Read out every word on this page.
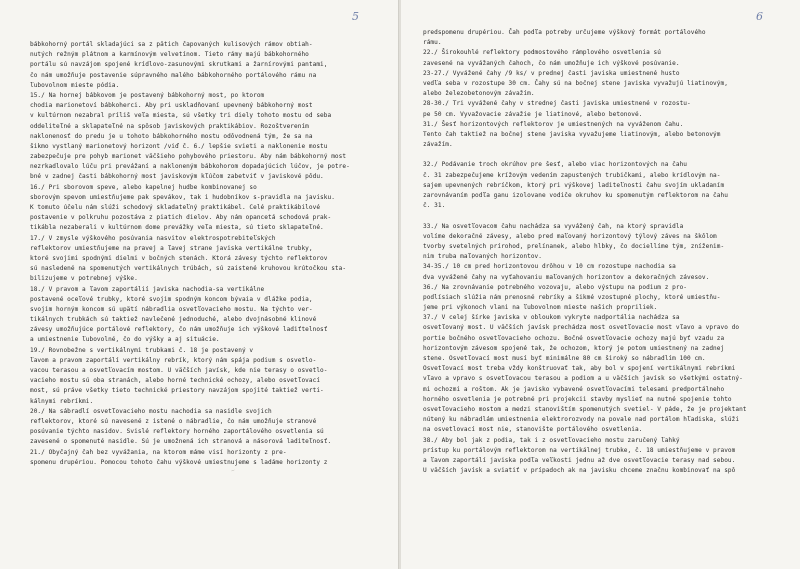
5
bábkohorný portál skladajúci sa z pätich čapovaných kulisových rámov obtiah-
nutých režným plátnom a karmínovým velvetínom. Tieto rámy majú bábkohorného
portálu sú navzájom spojené krídlovo-zasunovými skrutkami a žarnírovými pantami,
čo nám umožňuje postavenie súpravného malého bábkohorného portálového rámu na
ľubovolnom mieste pódia.
15./ Na hornej bábkovom je postavený bábkohorný most, po ktorom
chodia marionetoví bábkoherci. Aby pri uskladňovaní upevnený bábkohorný most
v kultúrnom nezabral príliš veľa miesta, sú všetky tri diely tohoto mostu od seba
oddeliteľné a sklapateľné na spôsob javiskových praktikábiov. Rozoštverením
naklonenosť do predu je u tohoto bábkohorného mostu odôvodnená tým, že sa na
šikmo vystlaný marionetový horizont /viď č. 6./ lepšie svieti a naklonenie mostu
zabezpečuje pre pohyb marionet väčšieho pohybového priestoru. Aby nám bábkohorný most
nezrkadlovalo lúču pri prevážaní a nakloneným bábkohorom dopadajúcich lúčov, je potre-
bné v zadnej časti bábkohorný most javiskovým kľúčom zabetviť v javiskové pôdu.
16./ Pri sborovom speve, alebo kapelnej hudbe kombinovanej so
sborovým spevom umiestňujeme pak spevákov, tak i hudobníkov s-pravidla na javisku.
K tomuto účelu nám slúži schodový skladateľný praktikábel. Celé praktikábilové
postavenie v polkruhu pozostáva z piatich dielov. Aby nám opancetá schodová prak-
tikábla nezaberali v kultúrnom dome prevážky veľa miesta, sú tieto sklapateľné.
17./ V zmysle výškového posúvania nasvitov elektrospotrebiteľských
reflektorov umiestňujeme na pravej a ľavej strane javiska vertikálne trubky,
ktoré svojimi spodnými dielmi v bočných stenách. Ktorá závesy týchto reflektorov
sú nasledené na spomenutých vertikálnych trúbách, sú zaistené kruhovou krútočkou sta-
bilizujeme v potrebnej výške.
18./ V pravom a ľavom zaportálií javiska nachodia-sa vertikálne
postavené oceľové trubky, ktoré svojim spodným koncom bývaia v dlážke podia,
svojim horným koncom sú upätí nábradlia osvetľovacieho mostu. Na týchto ver-
tikálnych trubkách sú taktiež navlečené jednoduché, alebo dvojnásobné klinové
závesy umožňujúce portálové reflektory, čo nám umožňuje ich výškové ladiťtelnosť
a umiestnenie ľubovolné, čo do výšky a aj situácie.
19./ Rovnobežne s vertikálnymi trubkami č. 18 je postavený v
ľavom a pravom zaportálí vertikálny rebrík, ktorý nám spája podium s osvetlo-
vacou terasou a osvetľovacím mostom. U väčších javísk, kde nie terasy o osvetlo-
vacieho mostu sú oba stranách, alebo horné technické ochozy, alebo osvetľovací
most, sú práve všetky tieto technické priestory navzájom spojité taktiež verti-
kálnymi rebríkmi.
20./ Na sábradlí osvetľovacieho mostu nachodia sa nasidle svojich
reflektorov, ktoré sú navesené z istené o nábradlie, čo nám umožňuje stranové
posúvanie týchto nasidov. Svislé reflektory horného zaportálového osvetlenia sú
zavesené o spomenuté nasidle. Sú je umožnená ich stranová a násorová laditeľnosť.
21./ Obyčajný čah bez vyvážania, na ktorom máme visí horizonty z pre-
spomenu drupériou. Pomocou tohoto čahu výškové umiestnujeme s ladáme horizonty z
~
6
predspomenu drupériou. Čah podľa potreby určujeme výškový formát portálového
rámu.
22./ Širokouhlé reflektory podmostového rámplového osvetlenia sú
zavesené na vyvážaných čahoch, čo nám umožňuje ich výškové posúvanie.
23-27./ Vyvážené čahy /9 ks/ v prednej časti javiska umiestnené husto
vedľa seba v rozostupe 30 cm. Čahy sú na bočnej stene javiska vyvažujú liatinovým,
alebo železobetonovým závažím.
28-30./ Tri vyvážené čahy v strednej časti javiska umiestnené v rozostu-
pe 50 cm. Vyvažovacie závažie je liatinové, alebo betonové.
31./ Šesť horizontových reflektorov je umiestnených na vyváženom čahu.
Tento čah taktiež na bočnej stene javiska vyvažujeme liatinovým, alebo betonovým
závažím.
32./ Podávanie troch okrúhov pre šesť, alebo viac horizontových na čahu
č. 31 zabezpečujeme krížovým vedením zapustených trubičkami, alebo krídlovým na-
sajem upevnených rebríčkom, ktorý pri výškovej laditeľnosti čahu svojím ukladaním
zarovnávaním podľa ganu izolovane vodiče okruhov ku spomenutým reflektorom na čahu
č. 31.
33./ Na osvetľovacom čahu nachádza sa vyvážený čah, na ktorý spravidla
volíme dekoračné závesy, alebo pred maľovaný horizontový týlový záves na škôlom
tvorby svetelných prírohod, prelínanek, alebo hlbky, čo dociellíme tým, zníženim-
nim truba maľovaných horizontov.
34-35./ 10 cm pred horizontovou drôhou v 10 cm rozostupe nachodia sa
dva vyvážené čahy na vyťahovaniu maľovaných horizontov a dekoračných závesov.
36./ Na zrovnávanie potrebného vozovaju, alebo výstupu na podium z pro-
podlísiach slúžia nám prenosné rebríky a šikmé vzostupné plochy, ktoré umiestňu-
jeme pri výkonoch vlani na ľubovolnom mieste našich propriliek.
37./ V celej šírke javiska v obloukom vykryte nadportália nachádza sa
osvetľovaný most. U väčších javísk prechádza most osvetľovacie most vľavo a vpravo do
portie bočného osvetľovacieho ochozu. Bočné osvetľovacie ochozy majú byť vzadu za
horizontovým závesom spojené tak, že ochozom, ktorý je potom umiestnený na zadnej
stene. Osvetľovací most musí byť minimálne 80 cm široký so nábradlím 100 cm.
Osvetľovací most treba vždy konštruovať tak, aby bol v spojení vertikálnymi rebríkmi
vľavo a vpravo s osvetľovacou terasou a podiom a u väčších javísk so všetkými ostatný-
mi ochozmi a roštom. Ak je javisko vybavené osvetľovacími telesami predportálneho
horného osvetlenia je potrebné pri projekcii stavby myslieť na nutné spojenie tohto
osvetľovacieho mostom a medzi stanovištím spomenutých svetiel- V páde, že je projektant
nútený ku nábradlám umiestnenia elektrorozvody na povale nad portálom hľadiska, slúži
na osvetlovací most nie, stanovište portálového osvetlenia.
38./ Aby bol jak z podia, tak i z osvetľovacieho mostu zaručený ľahký
prístup ku portálovým reflektorom na vertikálnej trubke, č. 18 umiestňujeme v pravom
a ľavom zaportálí javiska podľa veľkosti jednu až dve osvetľovacie terasy nad sebou.
U väčších javísk a sviatiť v prípadoch ak na javisku chceme značnu kombinovať na spô
